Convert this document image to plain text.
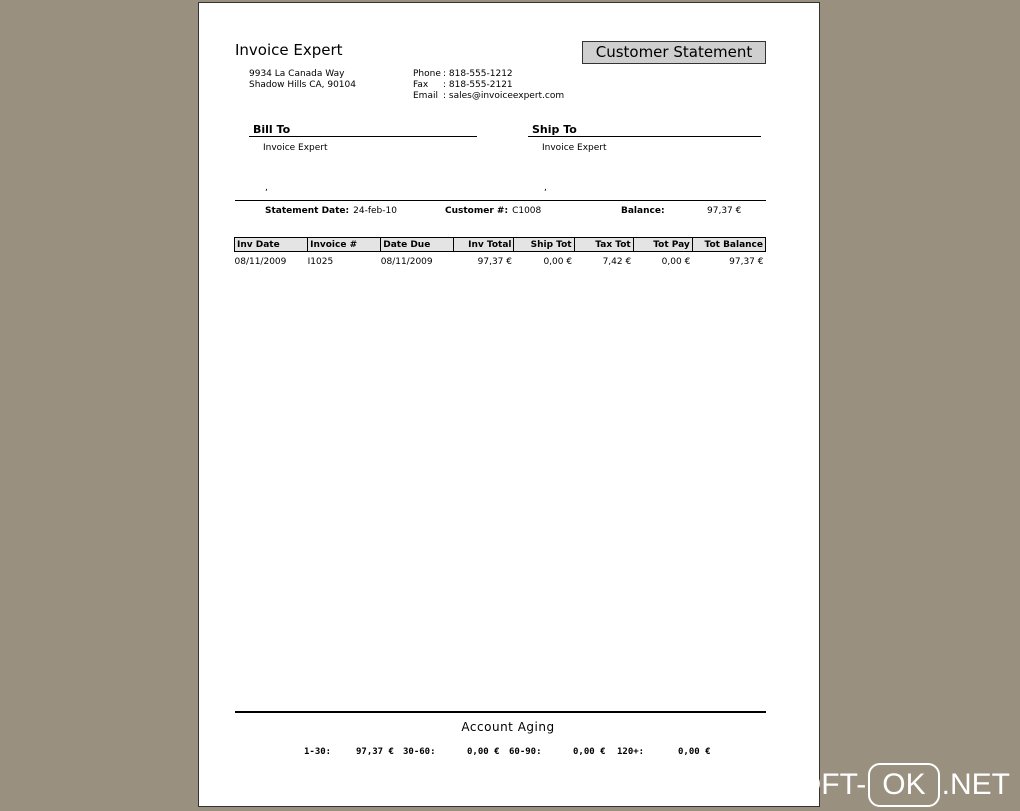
Invoice Expert
9934 La Canada Way
Shadow Hills CA, 90104
Phone : 818-555-1212
Fax : 818-555-2121
Email : sales@invoiceexpert.com
Customer Statement
Bill To
Invoice Expert
,
Ship To
Invoice Expert
,
Statement Date: 24-feb-10	Customer #: C1008	Balance:	97,37 €
Inv Date	Invoice #	Date Due	Inv Total	Ship Tot	Tax Tot	Tot Pay	Tot Balance
08/11/2009	I1025	08/11/2009	97,37 €	0,00 €	7,42 €	0,00 €	97,37 €
Account Aging
1-30:	97,37 € 30-60:	0,00 € 60-90:	0,00 € 120+:	0,00 €
SOFT- OK .NET
